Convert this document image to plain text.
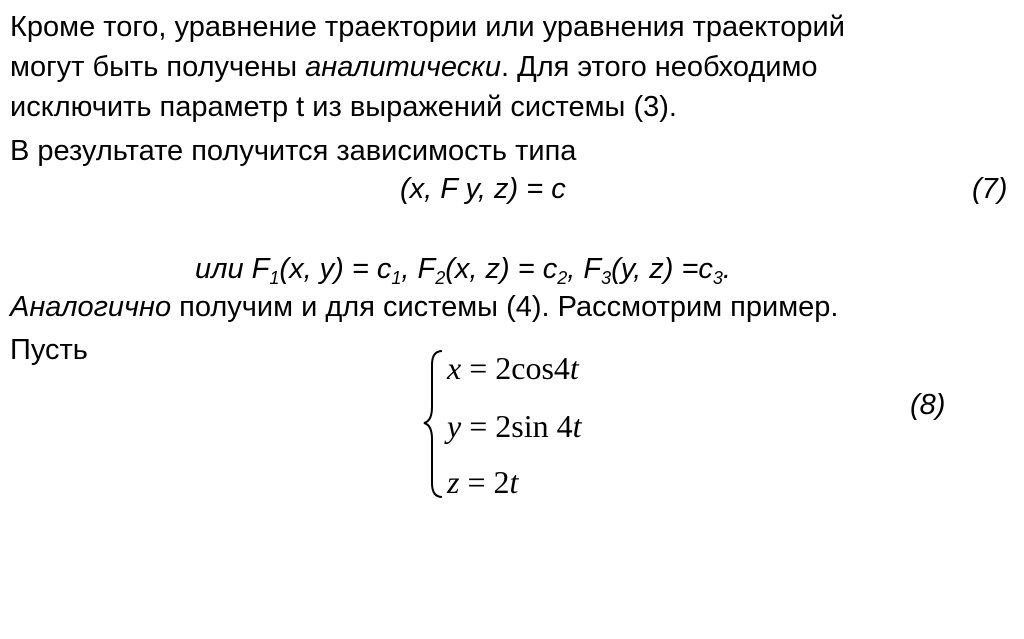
Кроме того, уравнение траектории или уравнения траекторий
могут быть получены аналитически. Для этого необходимо
исключить параметр t из выражений системы (3).
В результате получится зависимость типа
(x, F y, z) = c	(7)
или $F_1(x$, $y) = c_1$, $F_2(x$, $z) = c_2$, $F_3(y$, $z) =c_3$.
Аналогично получим и для системы (4). Рассмотрим пример.
Пусть	x = 2cos4t
y = 2sin 4t
z = 2t
(8)
